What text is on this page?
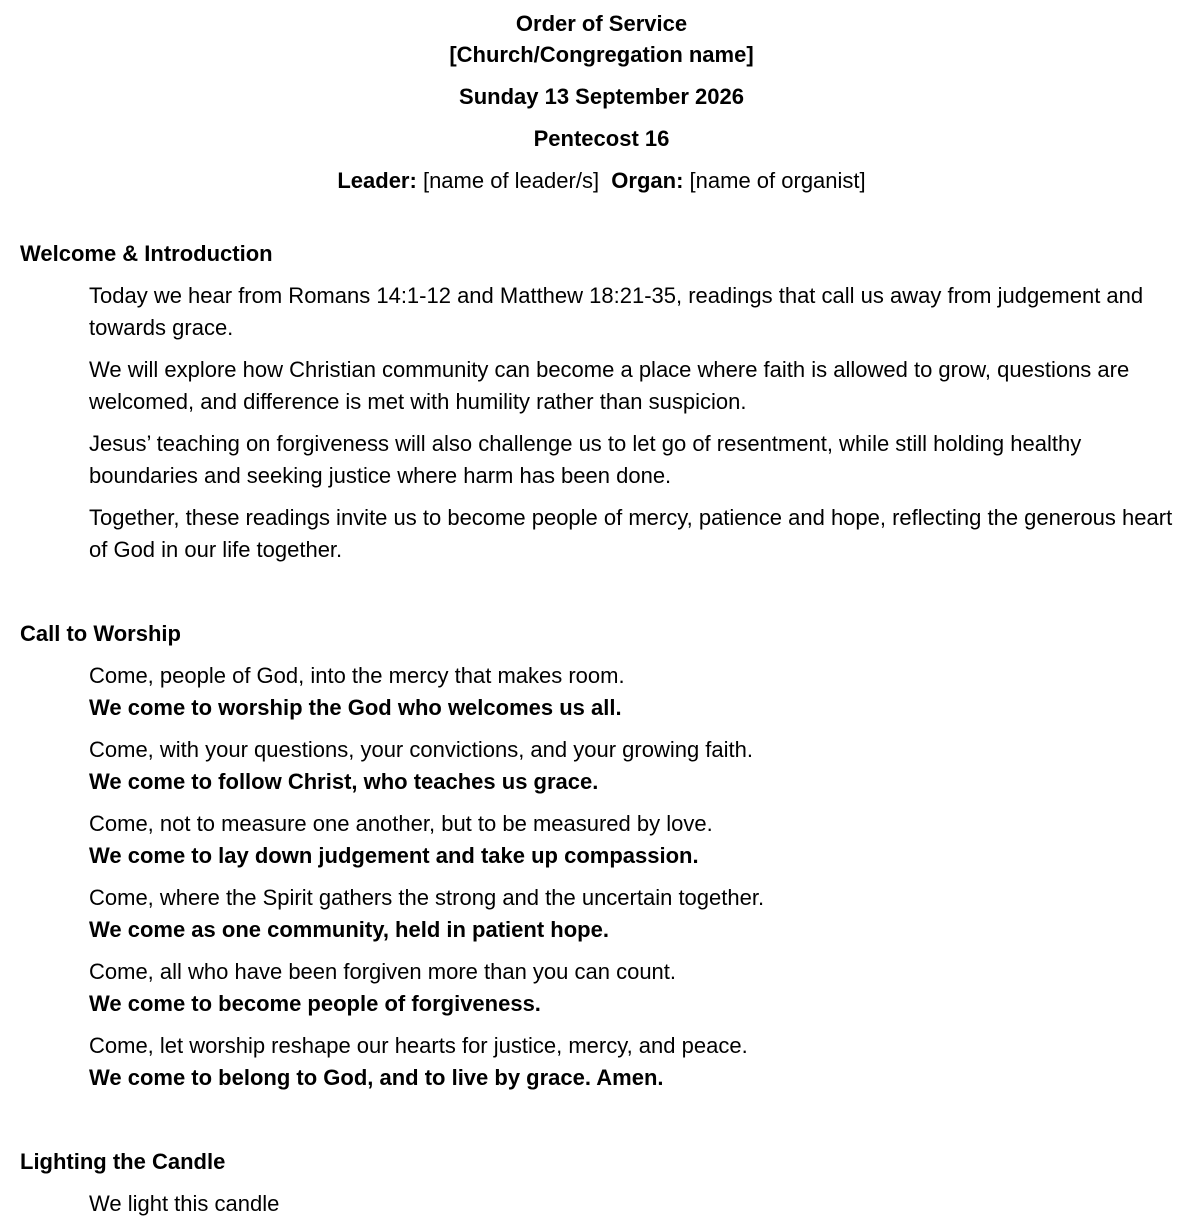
Order of Service
[Church/Congregation name]
Sunday 13 September 2026
Pentecost 16
Leader: [name of leader/s] Organ: [name of organist]
Welcome & Introduction

Today we hear from Romans 14:1-12 and Matthew 18:21-35, readings that call us away from judgement and towards grace.

We will explore how Christian community can become a place where faith is allowed to grow, questions are welcomed, and difference is met with humility rather than suspicion.

Jesus’ teaching on forgiveness will also challenge us to let go of resentment, while still holding healthy boundaries and seeking justice where harm has been done.

Together, these readings invite us to become people of mercy, patience and hope, reflecting the generous heart of God in our life together.

Call to Worship

Come, people of God, into the mercy that makes room.
We come to worship the God who welcomes us all.

Come, with your questions, your convictions, and your growing faith.
We come to follow Christ, who teaches us grace.

Come, not to measure one another, but to be measured by love.
We come to lay down judgement and take up compassion.

Come, where the Spirit gathers the strong and the uncertain together.
We come as one community, held in patient hope.

Come, all who have been forgiven more than you can count.
We come to become people of forgiveness.

Come, let worship reshape our hearts for justice, mercy, and peace.
We come to belong to God, and to live by grace. Amen.

Lighting the Candle

We light this candle
